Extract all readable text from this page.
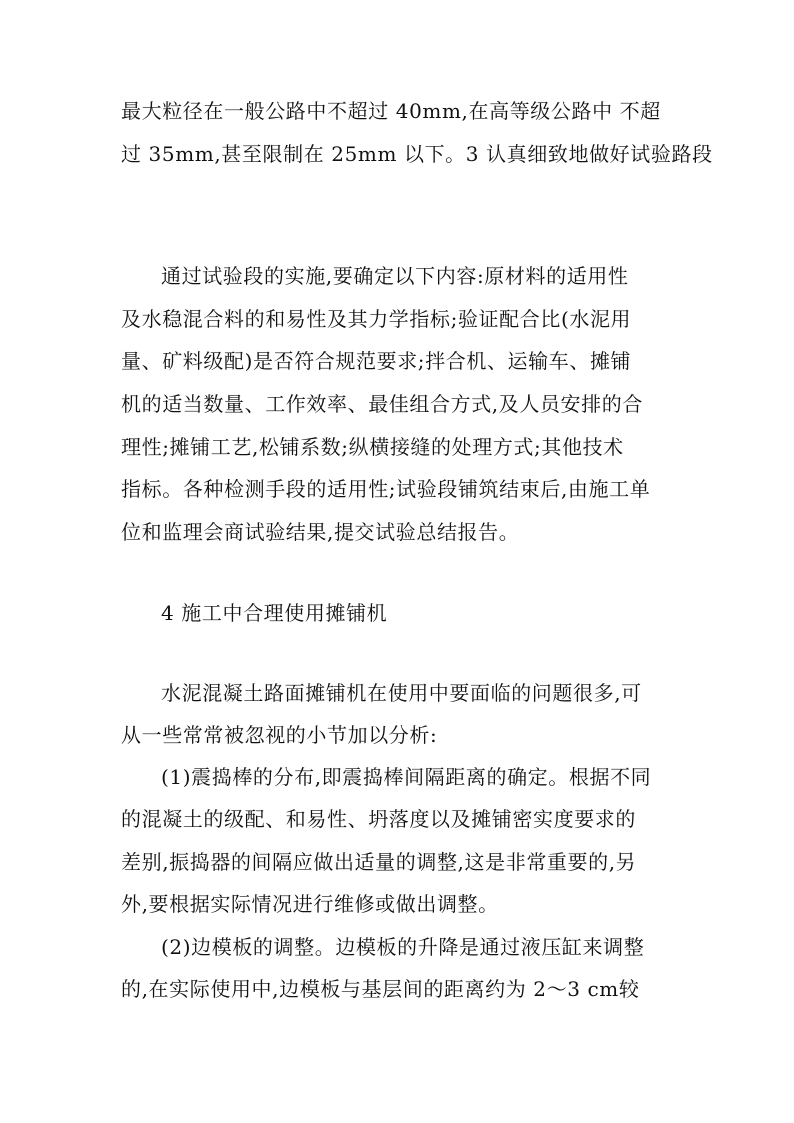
最大粒径在一般公路中不超过 40mm,在高等级公路中 不超
过 35mm,甚至限制在 25mm 以下。3 认真细致地做好试验路段
通过试验段的实施,要确定以下内容:原材料的适用性
及水稳混合料的和易性及其力学指标;验证配合比(水泥用
量、矿料级配)是否符合规范要求;拌合机、运输车、摊铺
机的适当数量、工作效率、最佳组合方式,及人员安排的合
理性;摊铺工艺,松铺系数;纵横接缝的处理方式;其他技术
指标。各种检测手段的适用性;试验段铺筑结束后,由施工单
位和监理会商试验结果,提交试验总结报告。
4 施工中合理使用摊铺机
水泥混凝土路面摊铺机在使用中要面临的问题很多,可
从一些常常被忽视的小节加以分析:
(1)震捣棒的分布,即震捣棒间隔距离的确定。根据不同
的混凝土的级配、和易性、坍落度以及摊铺密实度要求的
差别,振捣器的间隔应做出适量的调整,这是非常重要的,另
外,要根据实际情况进行维修或做出调整。
(2)边模板的调整。边模板的升降是通过液压缸来调整
的,在实际使用中,边模板与基层间的距离约为 2～3 cm较
